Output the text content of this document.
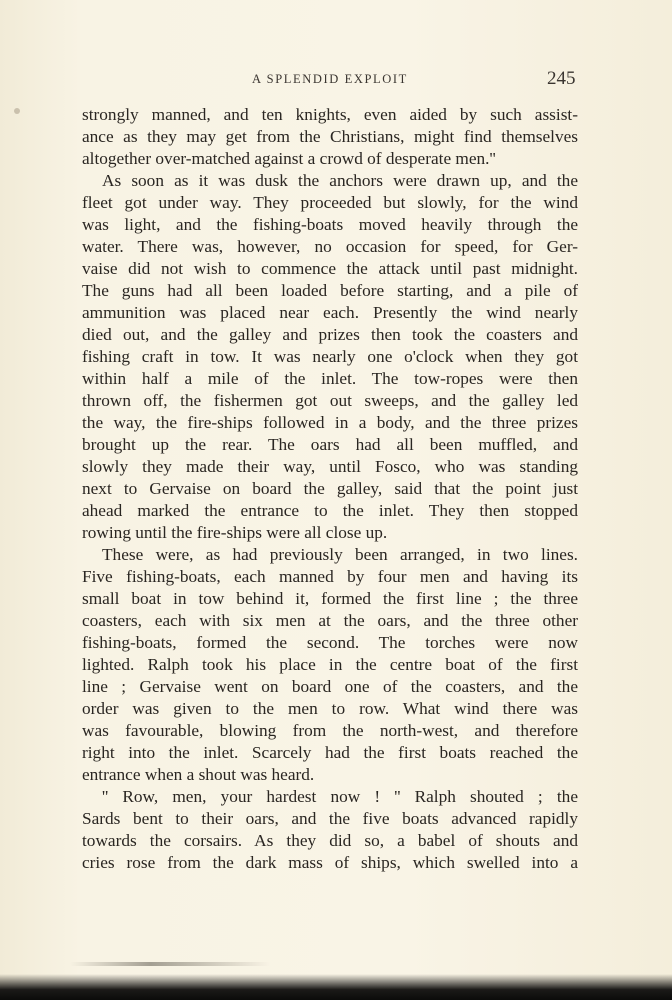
A SPLENDID EXPLOIT	245
strongly manned, and ten knights, even aided by such assist-
ance as they may get from the Christians, might find themselves
altogether over-matched against a crowd of desperate men.''
As soon as it was dusk the anchors were drawn up, and the
fleet got under way. They proceeded but slowly, for the wind
was light, and the fishing-boats moved heavily through the
water. There was, however, no occasion for speed, for Ger-
vaise did not wish to commence the attack until past midnight.
The guns had all been loaded before starting, and a pile of
ammunition was placed near each. Presently the wind nearly
died out, and the galley and prizes then took the coasters and
fishing craft in tow. It was nearly one o'clock when they got
within half a mile of the inlet. The tow-ropes were then
thrown off, the fishermen got out sweeps, and the galley led
the way, the fire-ships followed in a body, and the three prizes
brought up the rear. The oars had all been muffled, and
slowly they made their way, until Fosco, who was standing
next to Gervaise on board the galley, said that the point just
ahead marked the entrance to the inlet. They then stopped
rowing until the fire-ships were all close up.
These were, as had previously been arranged, in two lines.
Five fishing-boats, each manned by four men and having its
small boat in tow behind it, formed the first line ; the three
coasters, each with six men at the oars, and the three other
fishing-boats, formed the second. The torches were now
lighted. Ralph took his place in the centre boat of the first
line ; Gervaise went on board one of the coasters, and the
order was given to the men to row. What wind there was
was favourable, blowing from the north-west, and therefore
right into the inlet. Scarcely had the first boats reached the
entrance when a shout was heard.
'' Row, men, your hardest now ! '' Ralph shouted ; the
Sards bent to their oars, and the five boats advanced rapidly
towards the corsairs. As they did so, a babel of shouts and
cries rose from the dark mass of ships, which swelled into a
